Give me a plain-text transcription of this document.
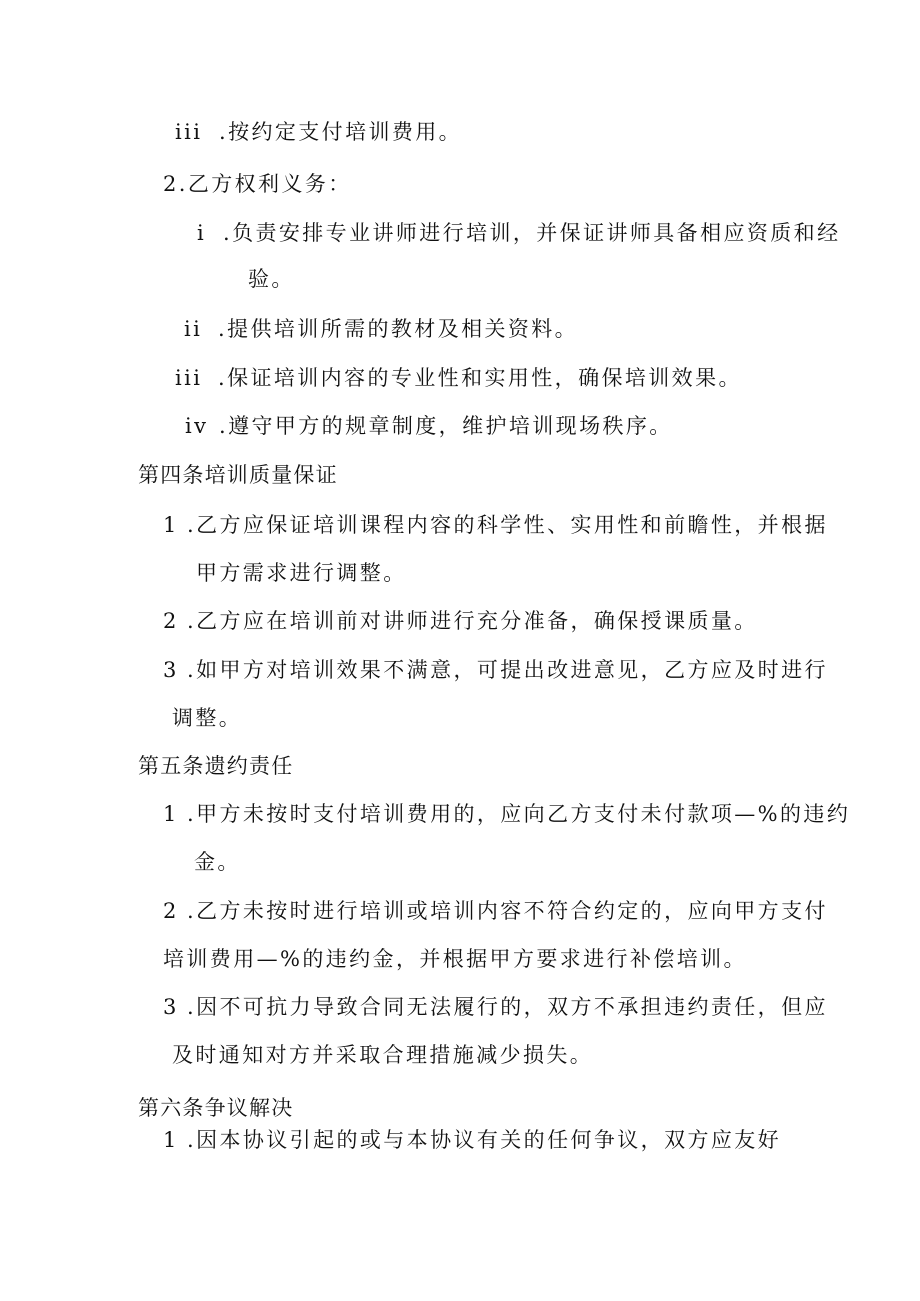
iii .按约定支付培训费用。
2.乙方权利义务：
i .负责安排专业讲师进行培训，并保证讲师具备相应资质和经
验。
ii .提供培训所需的教材及相关资料。
iii .保证培训内容的专业性和实用性，确保培训效果。
iv .遵守甲方的规章制度，维护培训现场秩序。
第四条培训质量保证
1 .乙方应保证培训课程内容的科学性、实用性和前瞻性，并根据
甲方需求进行调整。
2 .乙方应在培训前对讲师进行充分准备，确保授课质量。
3 .如甲方对培训效果不满意，可提出改进意见，乙方应及时进行
调整。
第五条遗约责任
1 .甲方未按时支付培训费用的，应向乙方支付未付款项—%的违约
金。
2 .乙方未按时进行培训或培训内容不符合约定的，应向甲方支付
培训费用—%的违约金，并根据甲方要求进行补偿培训。
3 .因不可抗力导致合同无法履行的，双方不承担违约责任，但应
及时通知对方并采取合理措施减少损失。
第六条争议解决
1 .因本协议引起的或与本协议有关的任何争议，双方应友好
